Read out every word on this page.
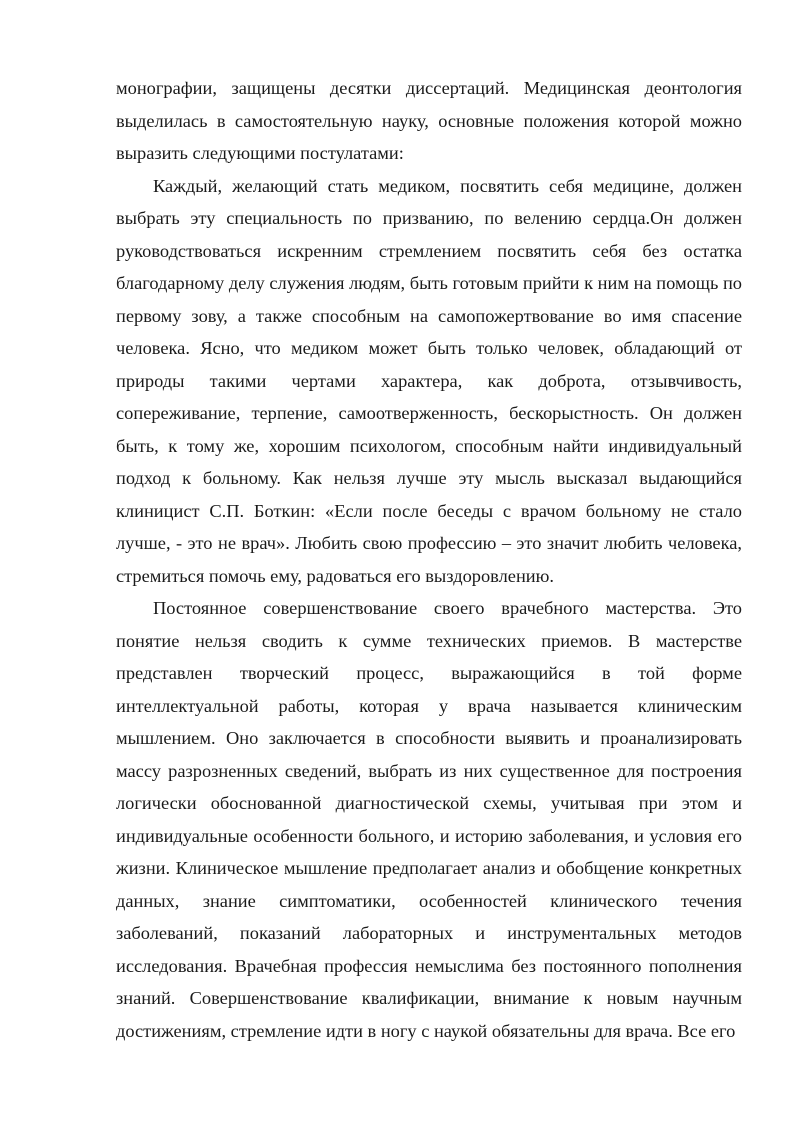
монографии, защищены десятки диссертаций. Медицинская деонтология выделилась в самостоятельную науку, основные положения которой можно выразить следующими постулатами:

Каждый, желающий стать медиком, посвятить себя медицине, должен выбрать эту специальность по призванию, по велению сердца.Он должен руководствоваться искренним стремлением посвятить себя без остатка благодарному делу служения людям, быть готовым прийти к ним на помощь по первому зову, а также способным на самопожертвование во имя спасение человека. Ясно, что медиком может быть только человек, обладающий от природы такими чертами характера, как доброта, отзывчивость, сопереживание, терпение, самоотверженность, бескорыстность. Он должен быть, к тому же, хорошим психологом, способным найти индивидуальный подход к больному. Как нельзя лучше эту мысль высказал выдающийся клиницист С.П. Боткин: «Если после беседы с врачом больному не стало лучше, - это не врач». Любить свою профессию – это значит любить человека, стремиться помочь ему, радоваться его выздоровлению.

Постоянное совершенствование своего врачебного мастерства. Это понятие нельзя сводить к сумме технических приемов. В мастерстве представлен творческий процесс, выражающийся в той форме интеллектуальной работы, которая у врача называется клиническим мышлением. Оно заключается в способности выявить и проанализировать массу разрозненных сведений, выбрать из них существенное для построения логически обоснованной диагностической схемы, учитывая при этом и индивидуальные особенности больного, и историю заболевания, и условия его жизни. Клиническое мышление предполагает анализ и обобщение конкретных данных, знание симптоматики, особенностей клинического течения заболеваний, показаний лабораторных и инструментальных методов исследования. Врачебная профессия немыслима без постоянного пополнения знаний. Совершенствование квалификации, внимание к новым научным достижениям, стремление идти в ногу с наукой обязательны для врача. Все его
